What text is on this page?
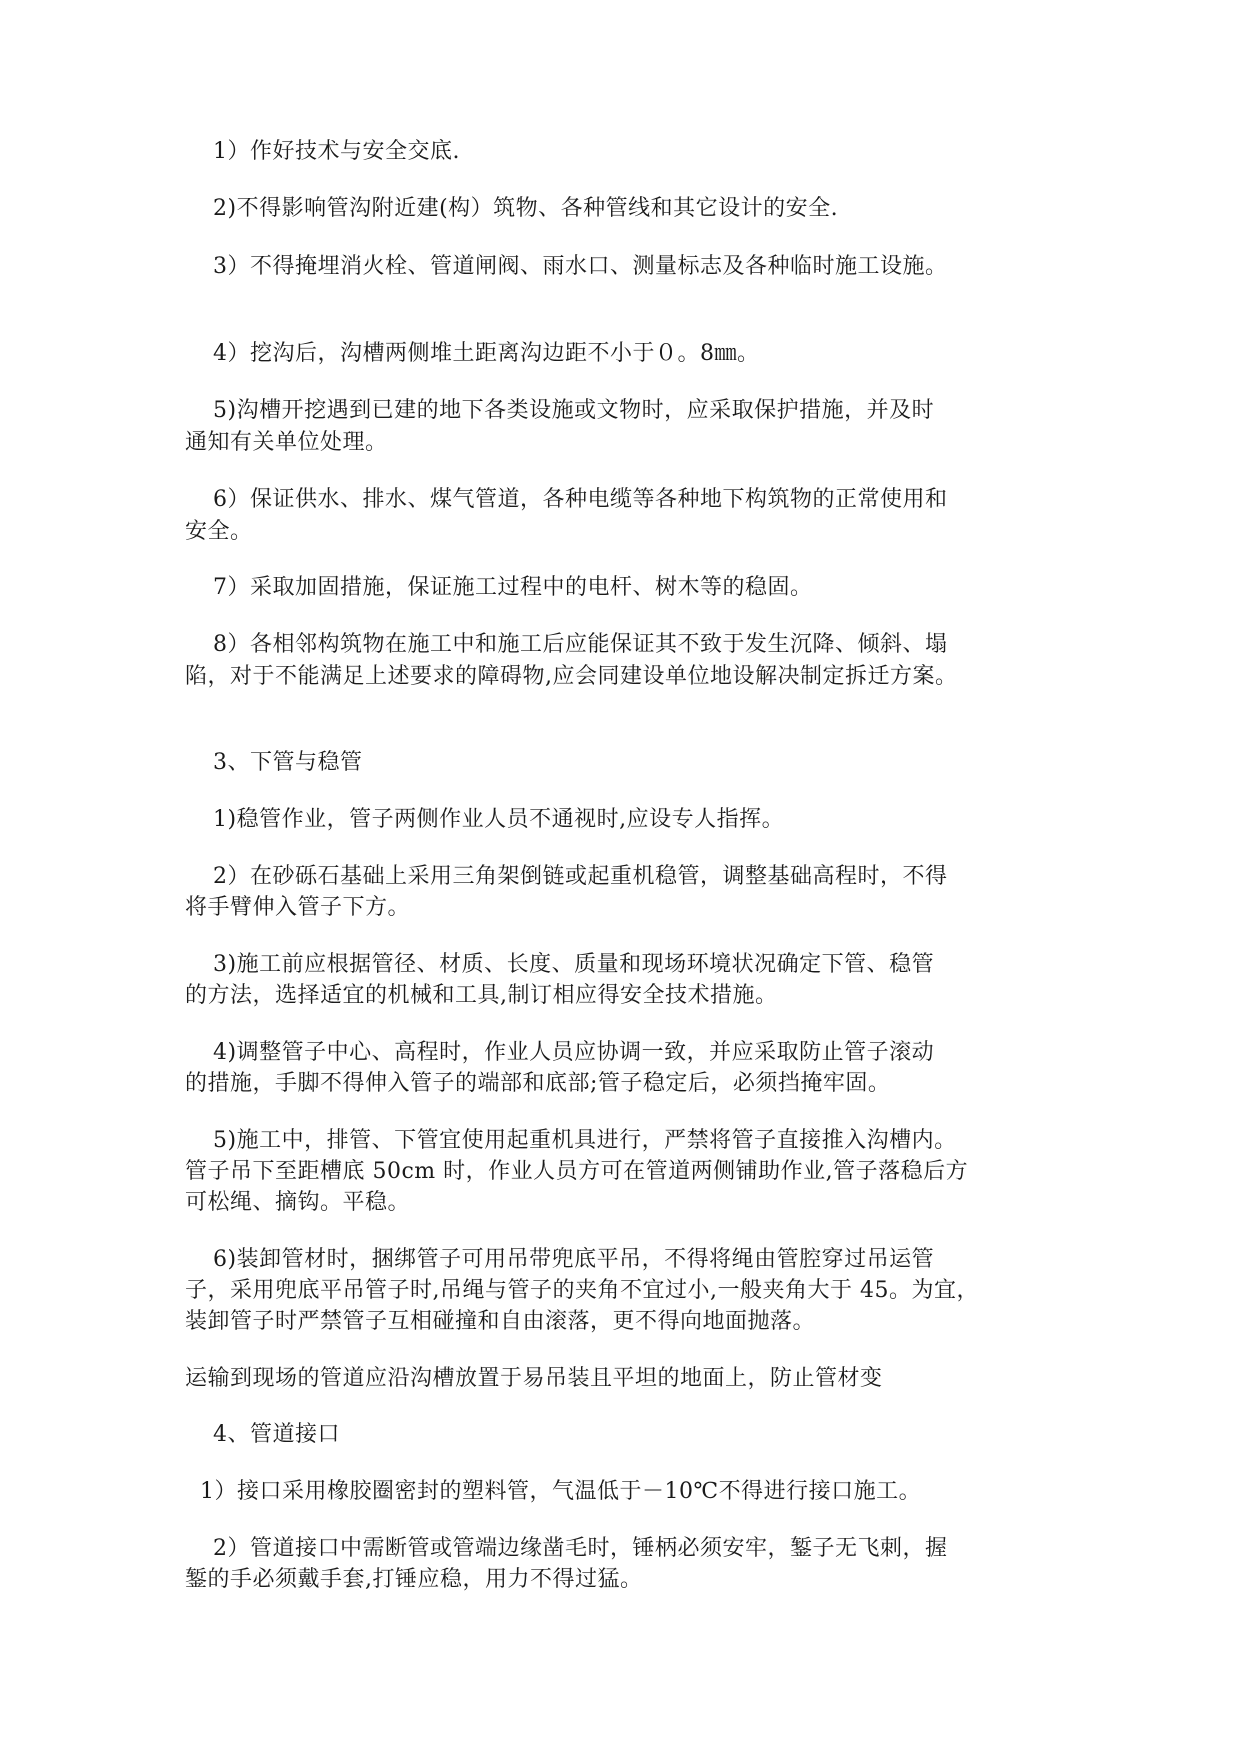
1）作好技术与安全交底.
2)不得影响管沟附近建(构）筑物、各种管线和其它设计的安全.
3）不得掩埋消火栓、管道闸阀、雨水口、测量标志及各种临时施工设施。
4）挖沟后，沟槽两侧堆土距离沟边距不小于０。8㎜。
5)沟槽开挖遇到已建的地下各类设施或文物时，应采取保护措施，并及时
通知有关单位处理。
6）保证供水、排水、煤气管道，各种电缆等各种地下构筑物的正常使用和
安全。
7）采取加固措施，保证施工过程中的电杆、树木等的稳固。
8）各相邻构筑物在施工中和施工后应能保证其不致于发生沉降、倾斜、塌
陷，对于不能满足上述要求的障碍物,应会同建设单位地设解决制定拆迁方案。
3、下管与稳管
1)稳管作业，管子两侧作业人员不通视时,应设专人指挥。
2）在砂砾石基础上采用三角架倒链或起重机稳管，调整基础高程时，不得
将手臂伸入管子下方。
3)施工前应根据管径、材质、长度、质量和现场环境状况确定下管、稳管
的方法，选择适宜的机械和工具,制订相应得安全技术措施。
4)调整管子中心、高程时，作业人员应协调一致，并应采取防止管子滚动
的措施，手脚不得伸入管子的端部和底部;管子稳定后，必须挡掩牢固。
5)施工中，排管、下管宜使用起重机具进行，严禁将管子直接推入沟槽内。
管子吊下至距槽底 50cm 时，作业人员方可在管道两侧铺助作业,管子落稳后方
可松绳、摘钩。平稳。
6)装卸管材时，捆绑管子可用吊带兜底平吊，不得将绳由管腔穿过吊运管
子，采用兜底平吊管子时,吊绳与管子的夹角不宜过小,一般夹角大于 45。为宜，
装卸管子时严禁管子互相碰撞和自由滚落，更不得向地面抛落。
运输到现场的管道应沿沟槽放置于易吊装且平坦的地面上，防止管材变
4、管道接口
1）接口采用橡胶圈密封的塑料管，气温低于－10℃不得进行接口施工。
2）管道接口中需断管或管端边缘凿毛时，锤柄必须安牢，錾子无飞刺，握
錾的手必须戴手套,打锤应稳，用力不得过猛。
